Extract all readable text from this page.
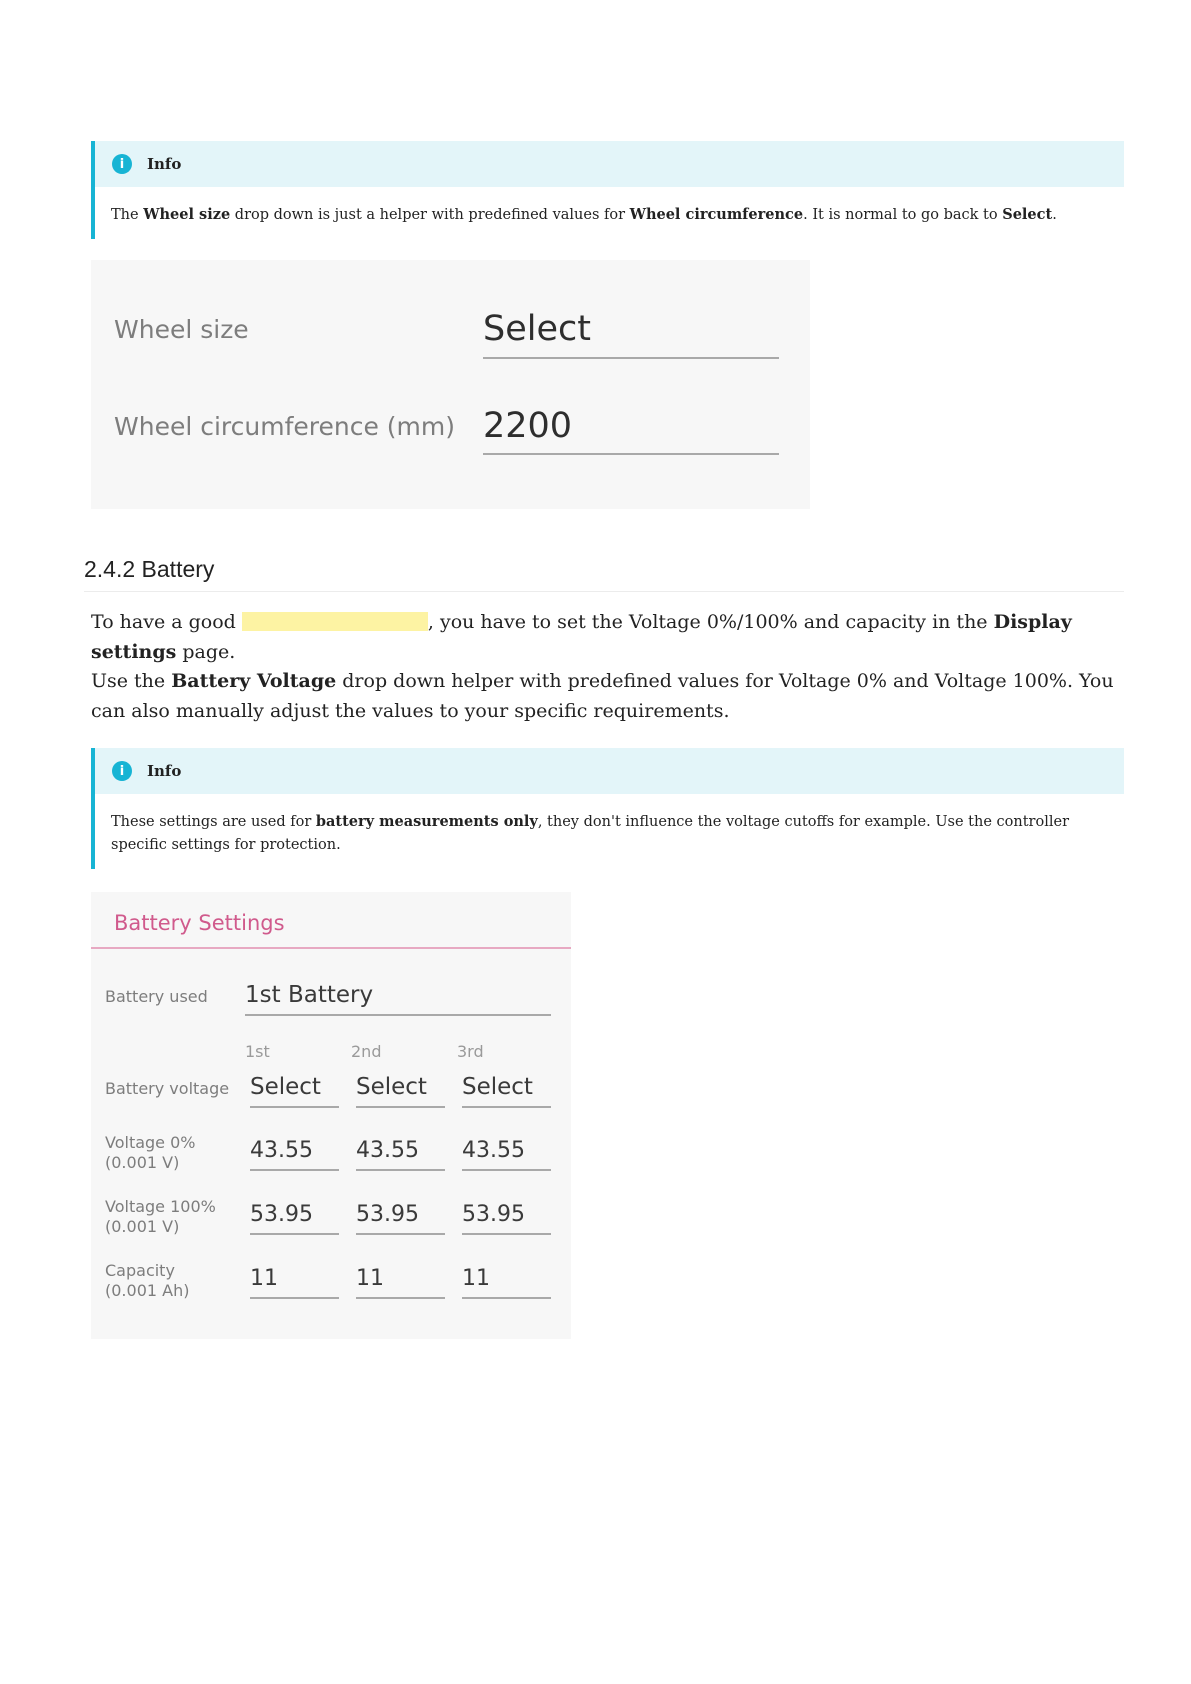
i	Info
The Wheel size drop down is just a helper with predefined values for Wheel circumference. It is normal to go back to Select.
Wheel size	Select
Wheel circumference (mm) 2200
2.4.2 Battery
To have a good	, you have to set the Voltage 0%/100% and capacity in the Display settings page.
Use the Battery Voltage drop down helper with predefined values for Voltage 0% and Voltage 100%. You can also manually adjust the values to your specific requirements.
i	Info
These settings are used for battery measurements only, they don't influence the voltage cutoffs for example. Use the controller specific settings for protection.
Battery Settings
Battery used 1st Battery
1st	2nd	3rd
Battery voltage Select Select Select
Voltage 0%
(0.001 V)	43.55 43.55 43.55
Voltage 100%
(0.001 V)	53.95 53.95 53.95
Capacity
(0.001 Ah)	11	11	11
